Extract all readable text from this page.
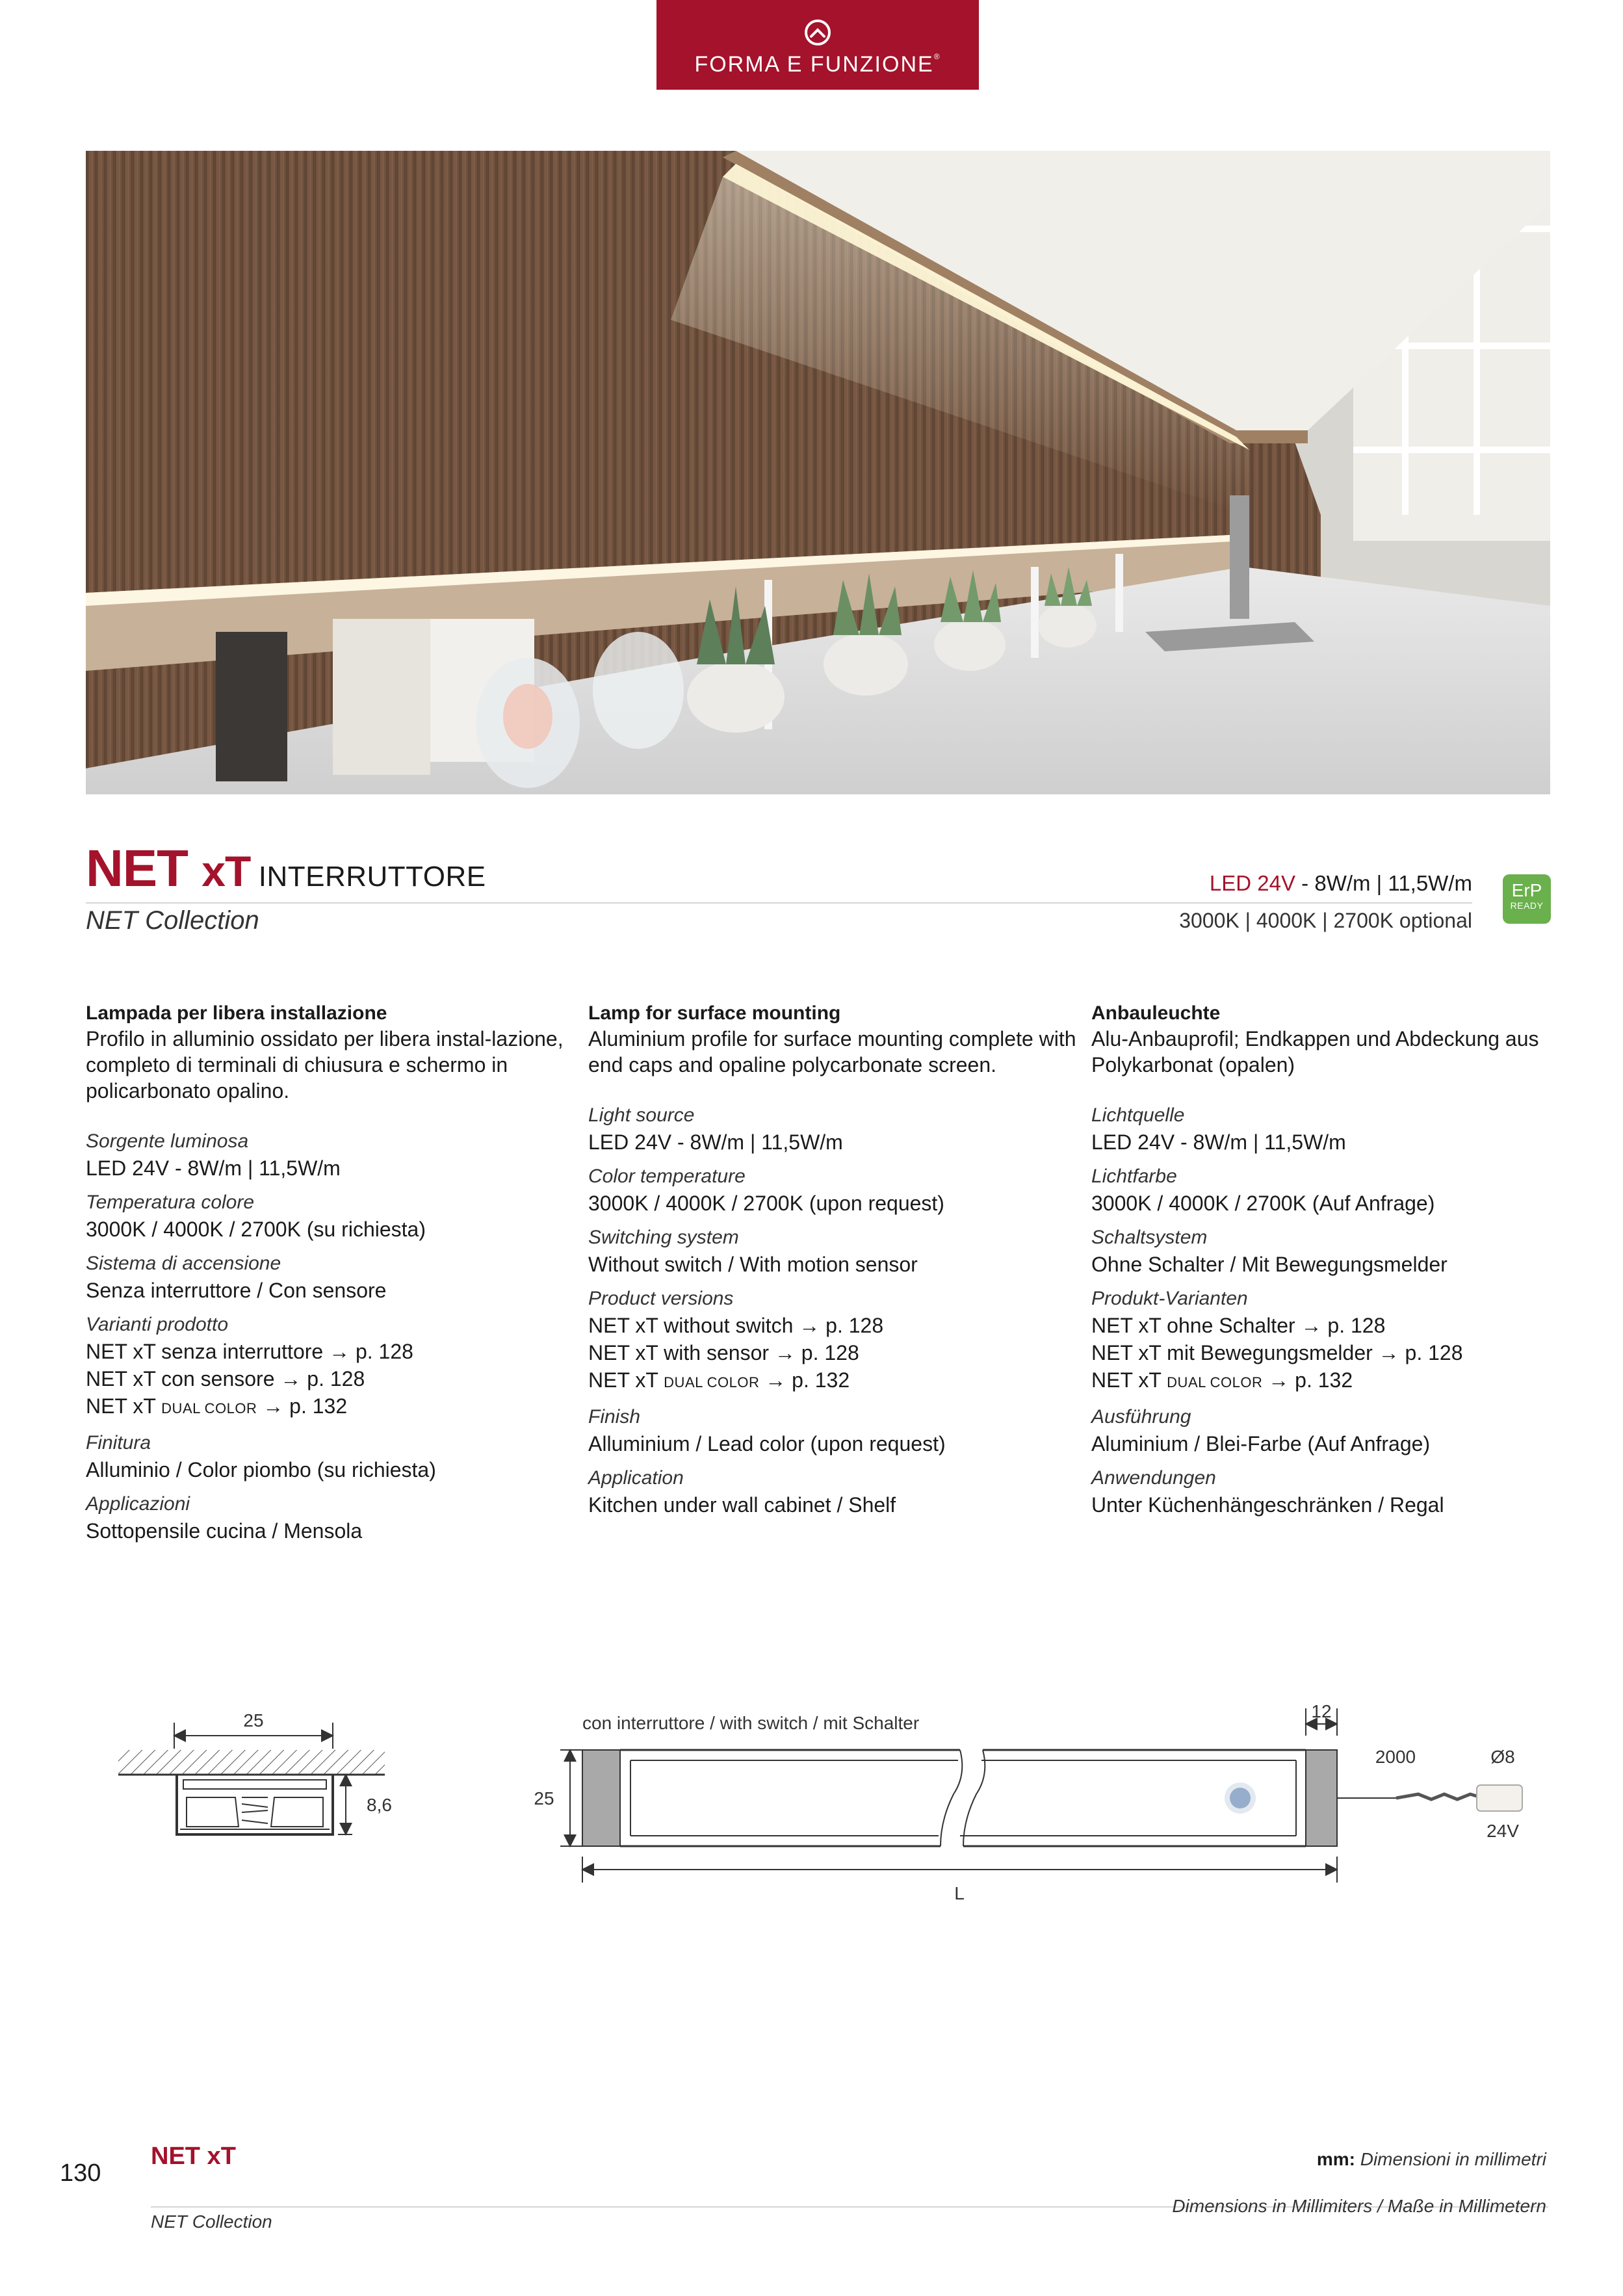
FORMA E FUNZIONE®
NET xT INTERRUTTORE
NET Collection
LED 24V - 8W/m | 11,5W/m
3000K | 4000K | 2700K optional
ErP
READY
Lampada per libera installazione
Profilo in alluminio ossidato per libera instal-lazione, completo di terminali di chiusura e schermo in policarbonato opalino.
Sorgente luminosa
LED 24V - 8W/m | 11,5W/m
Temperatura colore
3000K / 4000K / 2700K (su richiesta)
Sistema di accensione
Senza interruttore / Con sensore
Varianti prodotto
NET xT senza interruttore → p. 128
NET xT con sensore → p. 128
NET xT DUAL COLOR → p. 132
Finitura
Alluminio / Color piombo (su richiesta)
Applicazioni
Sottopensile cucina / Mensola
Lamp for surface mounting
Aluminium profile for surface mounting complete with end caps and opaline polycarbonate screen.
Light source
LED 24V - 8W/m | 11,5W/m
Color temperature
3000K / 4000K / 2700K (upon request)
Switching system
Without switch / With motion sensor
Product versions
NET xT without switch → p. 128
NET xT with sensor → p. 128
NET xT DUAL COLOR → p. 132
Finish
Alluminium / Lead color (upon request)
Application
Kitchen under wall cabinet / Shelf
Anbauleuchte
Alu-Anbauprofil; Endkappen und Abdeckung aus Polykarbonat (opalen)
Lichtquelle
LED 24V - 8W/m | 11,5W/m
Lichtfarbe
3000K / 4000K / 2700K (Auf Anfrage)
Schaltsystem
Ohne Schalter / Mit Bewegungsmelder
Produkt-Varianten
NET xT ohne Schalter → p. 128
NET xT mit Bewegungsmelder → p. 128
NET xT DUAL COLOR → p. 132
Ausführung
Aluminium / Blei-Farbe (Auf Anfrage)
Anwendungen
Unter Küchenhängeschränken / Regal
25
8,6
con interruttore / with switch / mit Schalter
12
25
2000	Ø8
24V
L
130
NET xT
NET Collection
mm: Dimensioni in millimetri
Dimensions in Millimiters / Maße in Millimetern
